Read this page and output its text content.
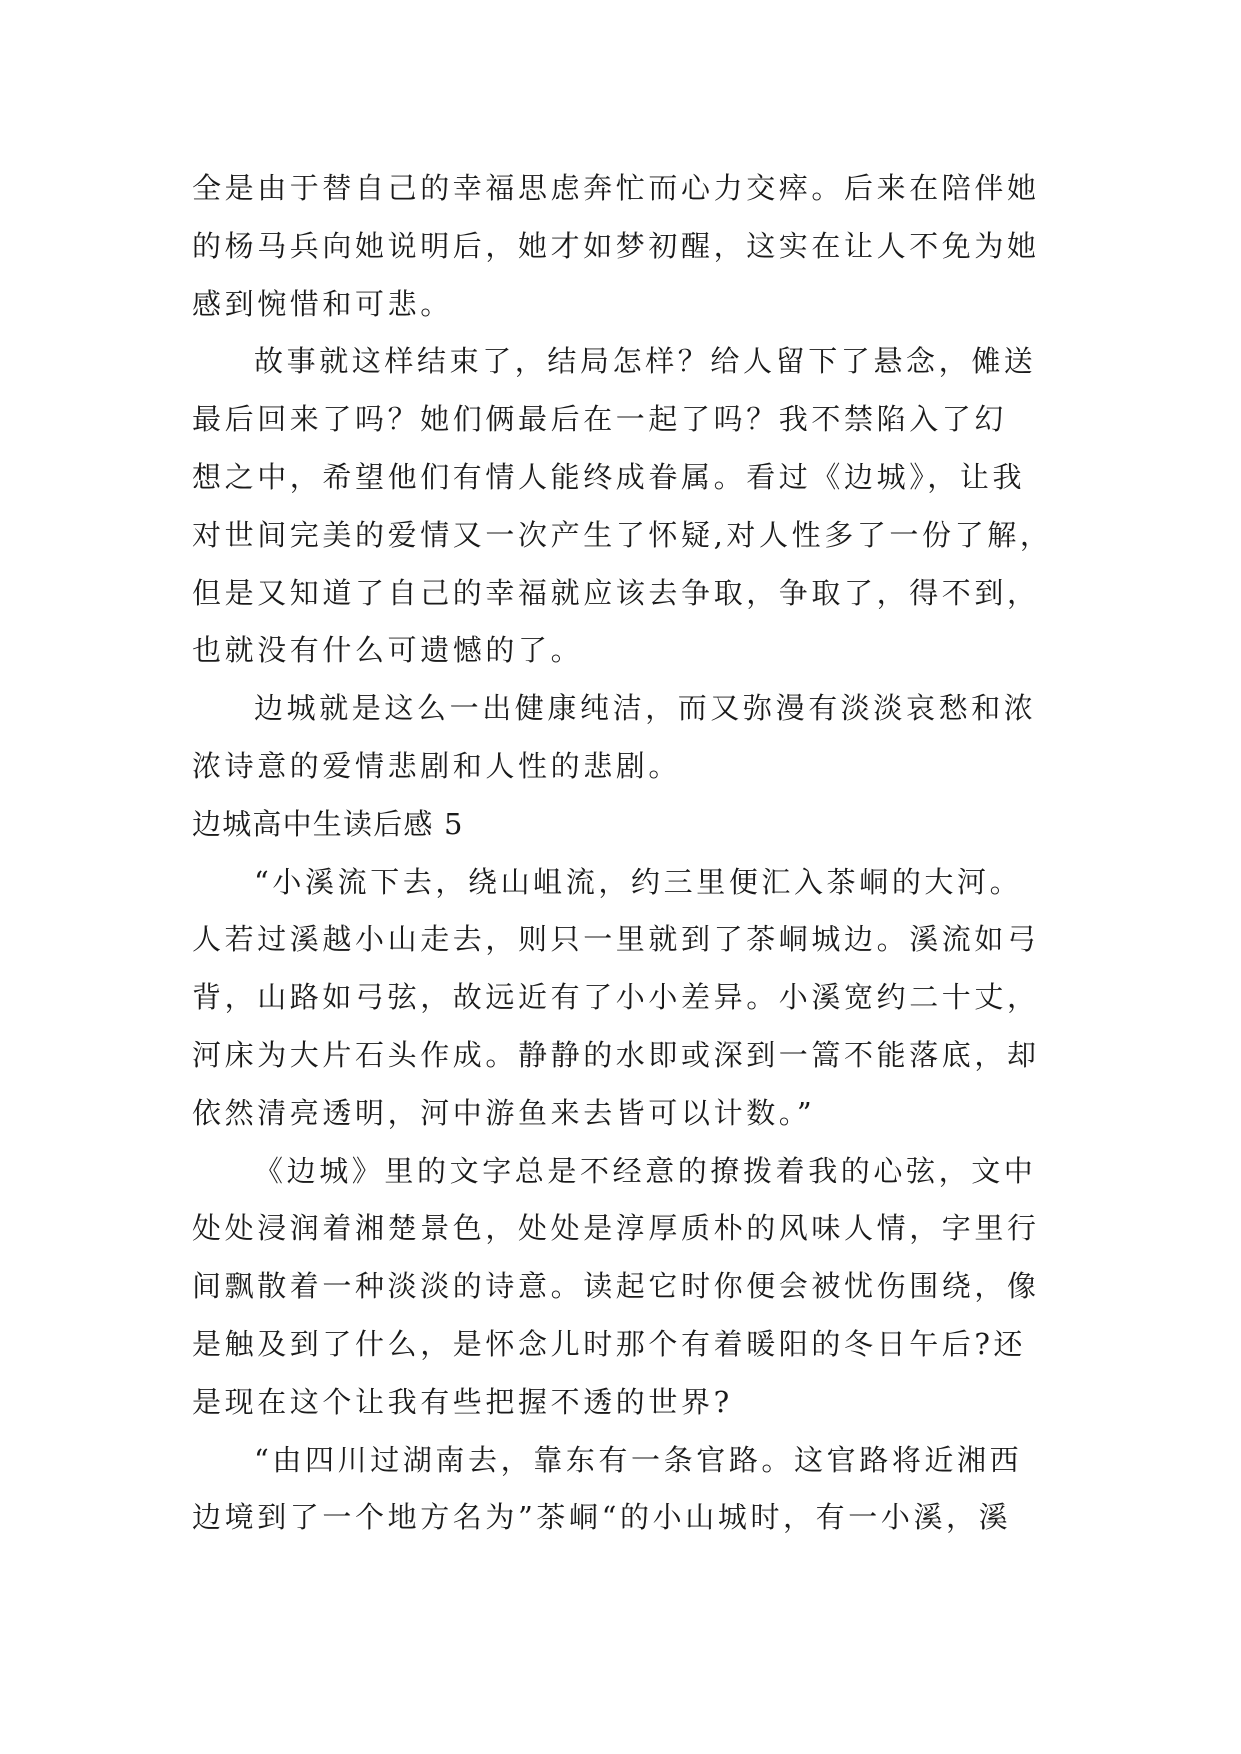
全是由于替自己的幸福思虑奔忙而心力交瘁。后来在陪伴她
的杨马兵向她说明后，她才如梦初醒，这实在让人不免为她
感到惋惜和可悲。
故事就这样结束了，结局怎样？给人留下了悬念，傩送
最后回来了吗？她们俩最后在一起了吗？我不禁陷入了幻
想之中，希望他们有情人能终成眷属。看过《边城》，让我
对世间完美的爱情又一次产生了怀疑,对人性多了一份了解，
但是又知道了自己的幸福就应该去争取，争取了，得不到，
也就没有什么可遗憾的了。
边城就是这么一出健康纯洁，而又弥漫有淡淡哀愁和浓
浓诗意的爱情悲剧和人性的悲剧。
边城高中生读后感 5
“小溪流下去，绕山岨流，约三里便汇入茶峒的大河。
人若过溪越小山走去，则只一里就到了茶峒城边。溪流如弓
背，山路如弓弦，故远近有了小小差异。小溪宽约二十丈，
河床为大片石头作成。静静的水即或深到一篙不能落底，却
依然清亮透明，河中游鱼来去皆可以计数。”
《边城》里的文字总是不经意的撩拨着我的心弦，文中
处处浸润着湘楚景色，处处是淳厚质朴的风味人情，字里行
间飘散着一种淡淡的诗意。读起它时你便会被忧伤围绕，像
是触及到了什么，是怀念儿时那个有着暖阳的冬日午后?还
是现在这个让我有些把握不透的世界?
“由四川过湖南去，靠东有一条官路。这官路将近湘西
边境到了一个地方名为”茶峒“的小山城时，有一小溪，溪
